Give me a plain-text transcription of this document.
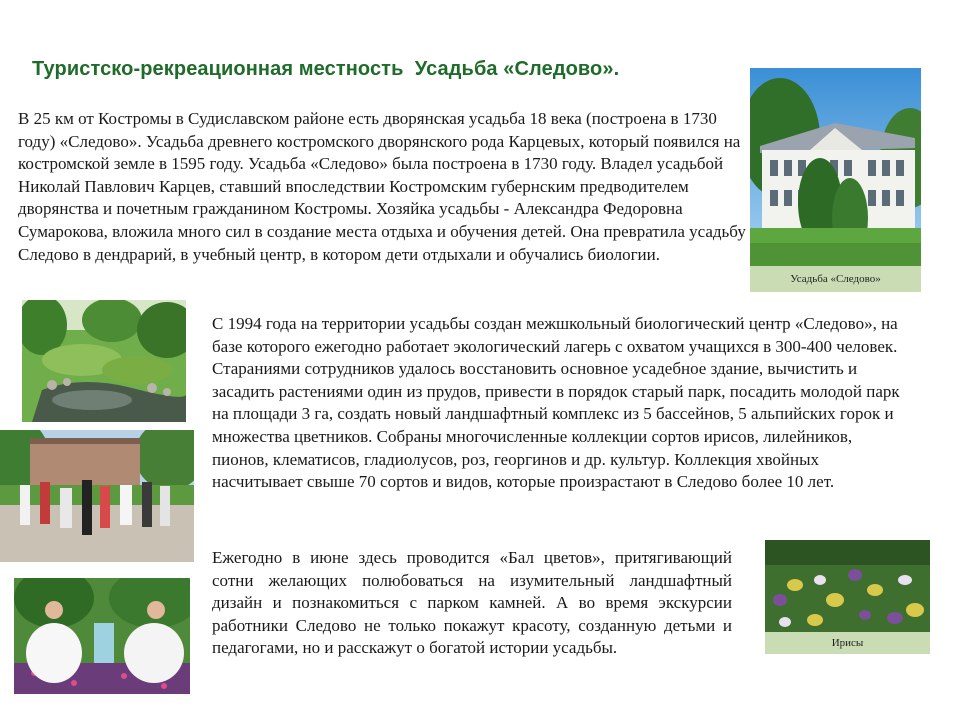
Туристско-рекреационная местность  Усадьба «Следово».

В 25 км от Костромы в Судиславском районе есть дворянская усадьба 18 века (построена в 1730 году) «Следово». Усадьба древнего костромского дворянского рода Карцевых, который появился на костромской земле в 1595 году. Усадьба «Следово» была построена в 1730 году. Владел усадьбой Николай Павлович Карцев, ставший впоследствии Костромским губернским предводителем дворянства и почетным гражданином Костромы. Хозяйка усадьбы - Александра Федоровна Сумарокова, вложила много сил в создание места отдыха и обучения детей. Она превратила усадьбу Следово в дендрарий, в учебный центр, в котором дети отдыхали и обучались биологии.

Усадьба «Следово»

С 1994 года на территории усадьбы создан межшкольный биологический центр «Следово», на базе которого ежегодно работает экологический лагерь с охватом учащихся в 300-400 человек. Стараниями сотрудников удалось восстановить основное усадебное здание, вычистить и засадить растениями один из прудов, привести в порядок старый парк, посадить молодой парк на площади 3 га, создать новый ландшафтный комплекс из 5 бассейнов, 5 альпийских горок и множества цветников. Собраны многочисленные коллекции сортов ирисов, лилейников, пионов, клематисов, гладиолусов, роз, георгинов и др. культур. Коллекция хвойных насчитывает свыше 70 сортов и видов, которые произрастают в Следово более 10 лет.

Ежегодно в июне здесь проводится «Бал цветов», притягивающий сотни желающих полюбоваться на изумительный ландшафтный дизайн и познакомиться с парком камней. А во время экскурсии работники Следово не только покажут красоту, созданную детьми и педагогами, но и расскажут о богатой истории усадьбы.	Ирисы
